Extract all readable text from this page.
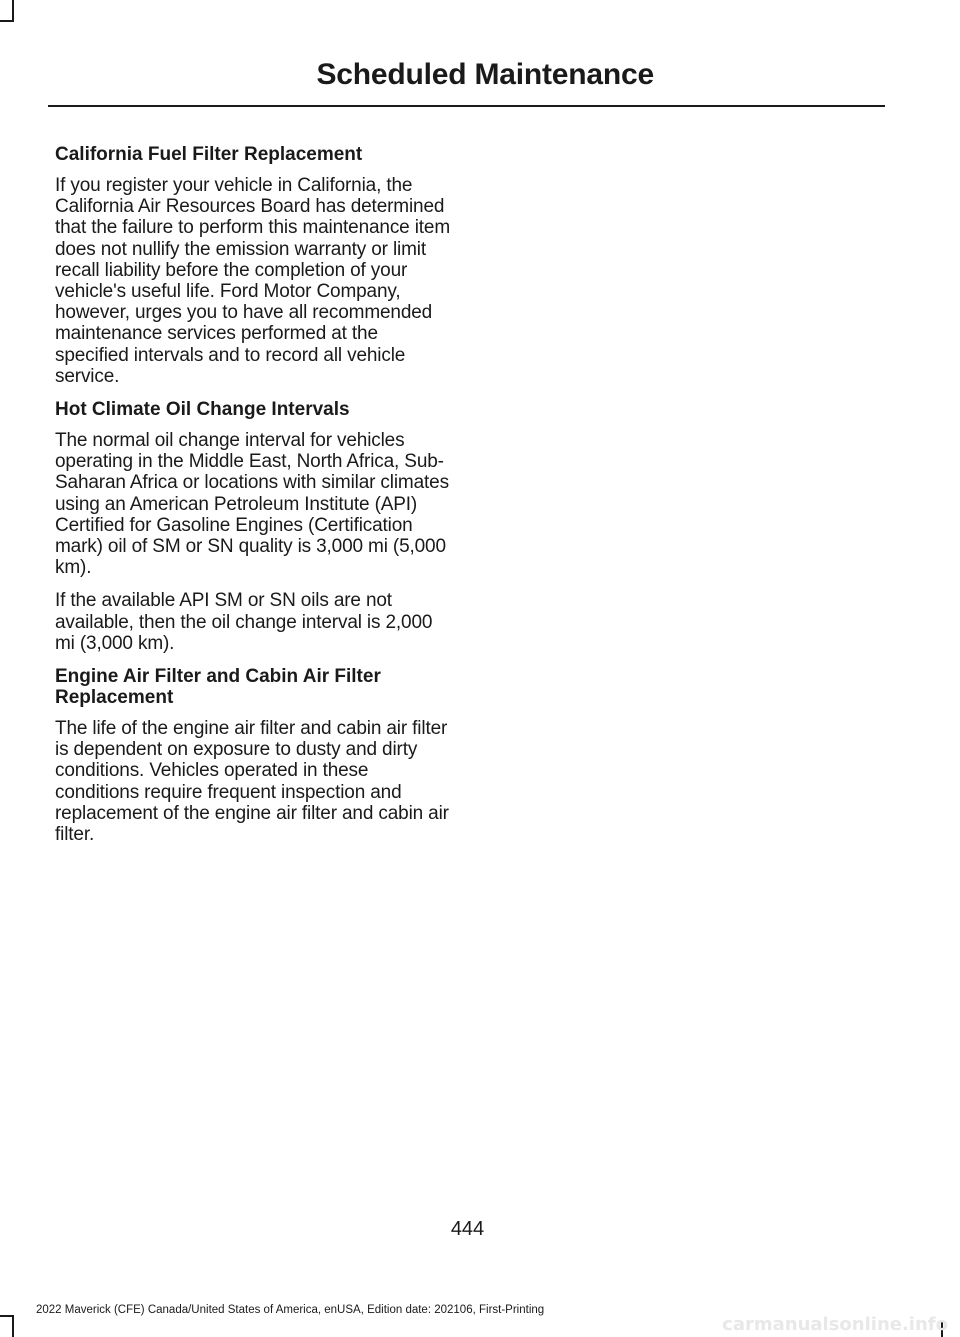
Scheduled Maintenance
California Fuel Filter Replacement

If you register your vehicle in California, the California Air Resources Board has determined that the failure to perform this maintenance item does not nullify the emission warranty or limit recall liability before the completion of your vehicle's useful life. Ford Motor Company, however, urges you to have all recommended maintenance services performed at the specified intervals and to record all vehicle service.

Hot Climate Oil Change Intervals

The normal oil change interval for vehicles operating in the Middle East, North Africa, Sub-Saharan Africa or locations with similar climates using an American Petroleum Institute (API) Certified for Gasoline Engines (Certification mark) oil of SM or SN quality is 3,000 mi (5,000 km).

If the available API SM or SN oils are not available, then the oil change interval is 2,000 mi (3,000 km).

Engine Air Filter and Cabin Air Filter Replacement

The life of the engine air filter and cabin air filter is dependent on exposure to dusty and dirty conditions. Vehicles operated in these conditions require frequent inspection and replacement of the engine air filter and cabin air filter.

444
2022 Maverick (CFE) Canada/United States of America, enUSA, Edition date: 202106, First-Printing
carmanualsonline.info
